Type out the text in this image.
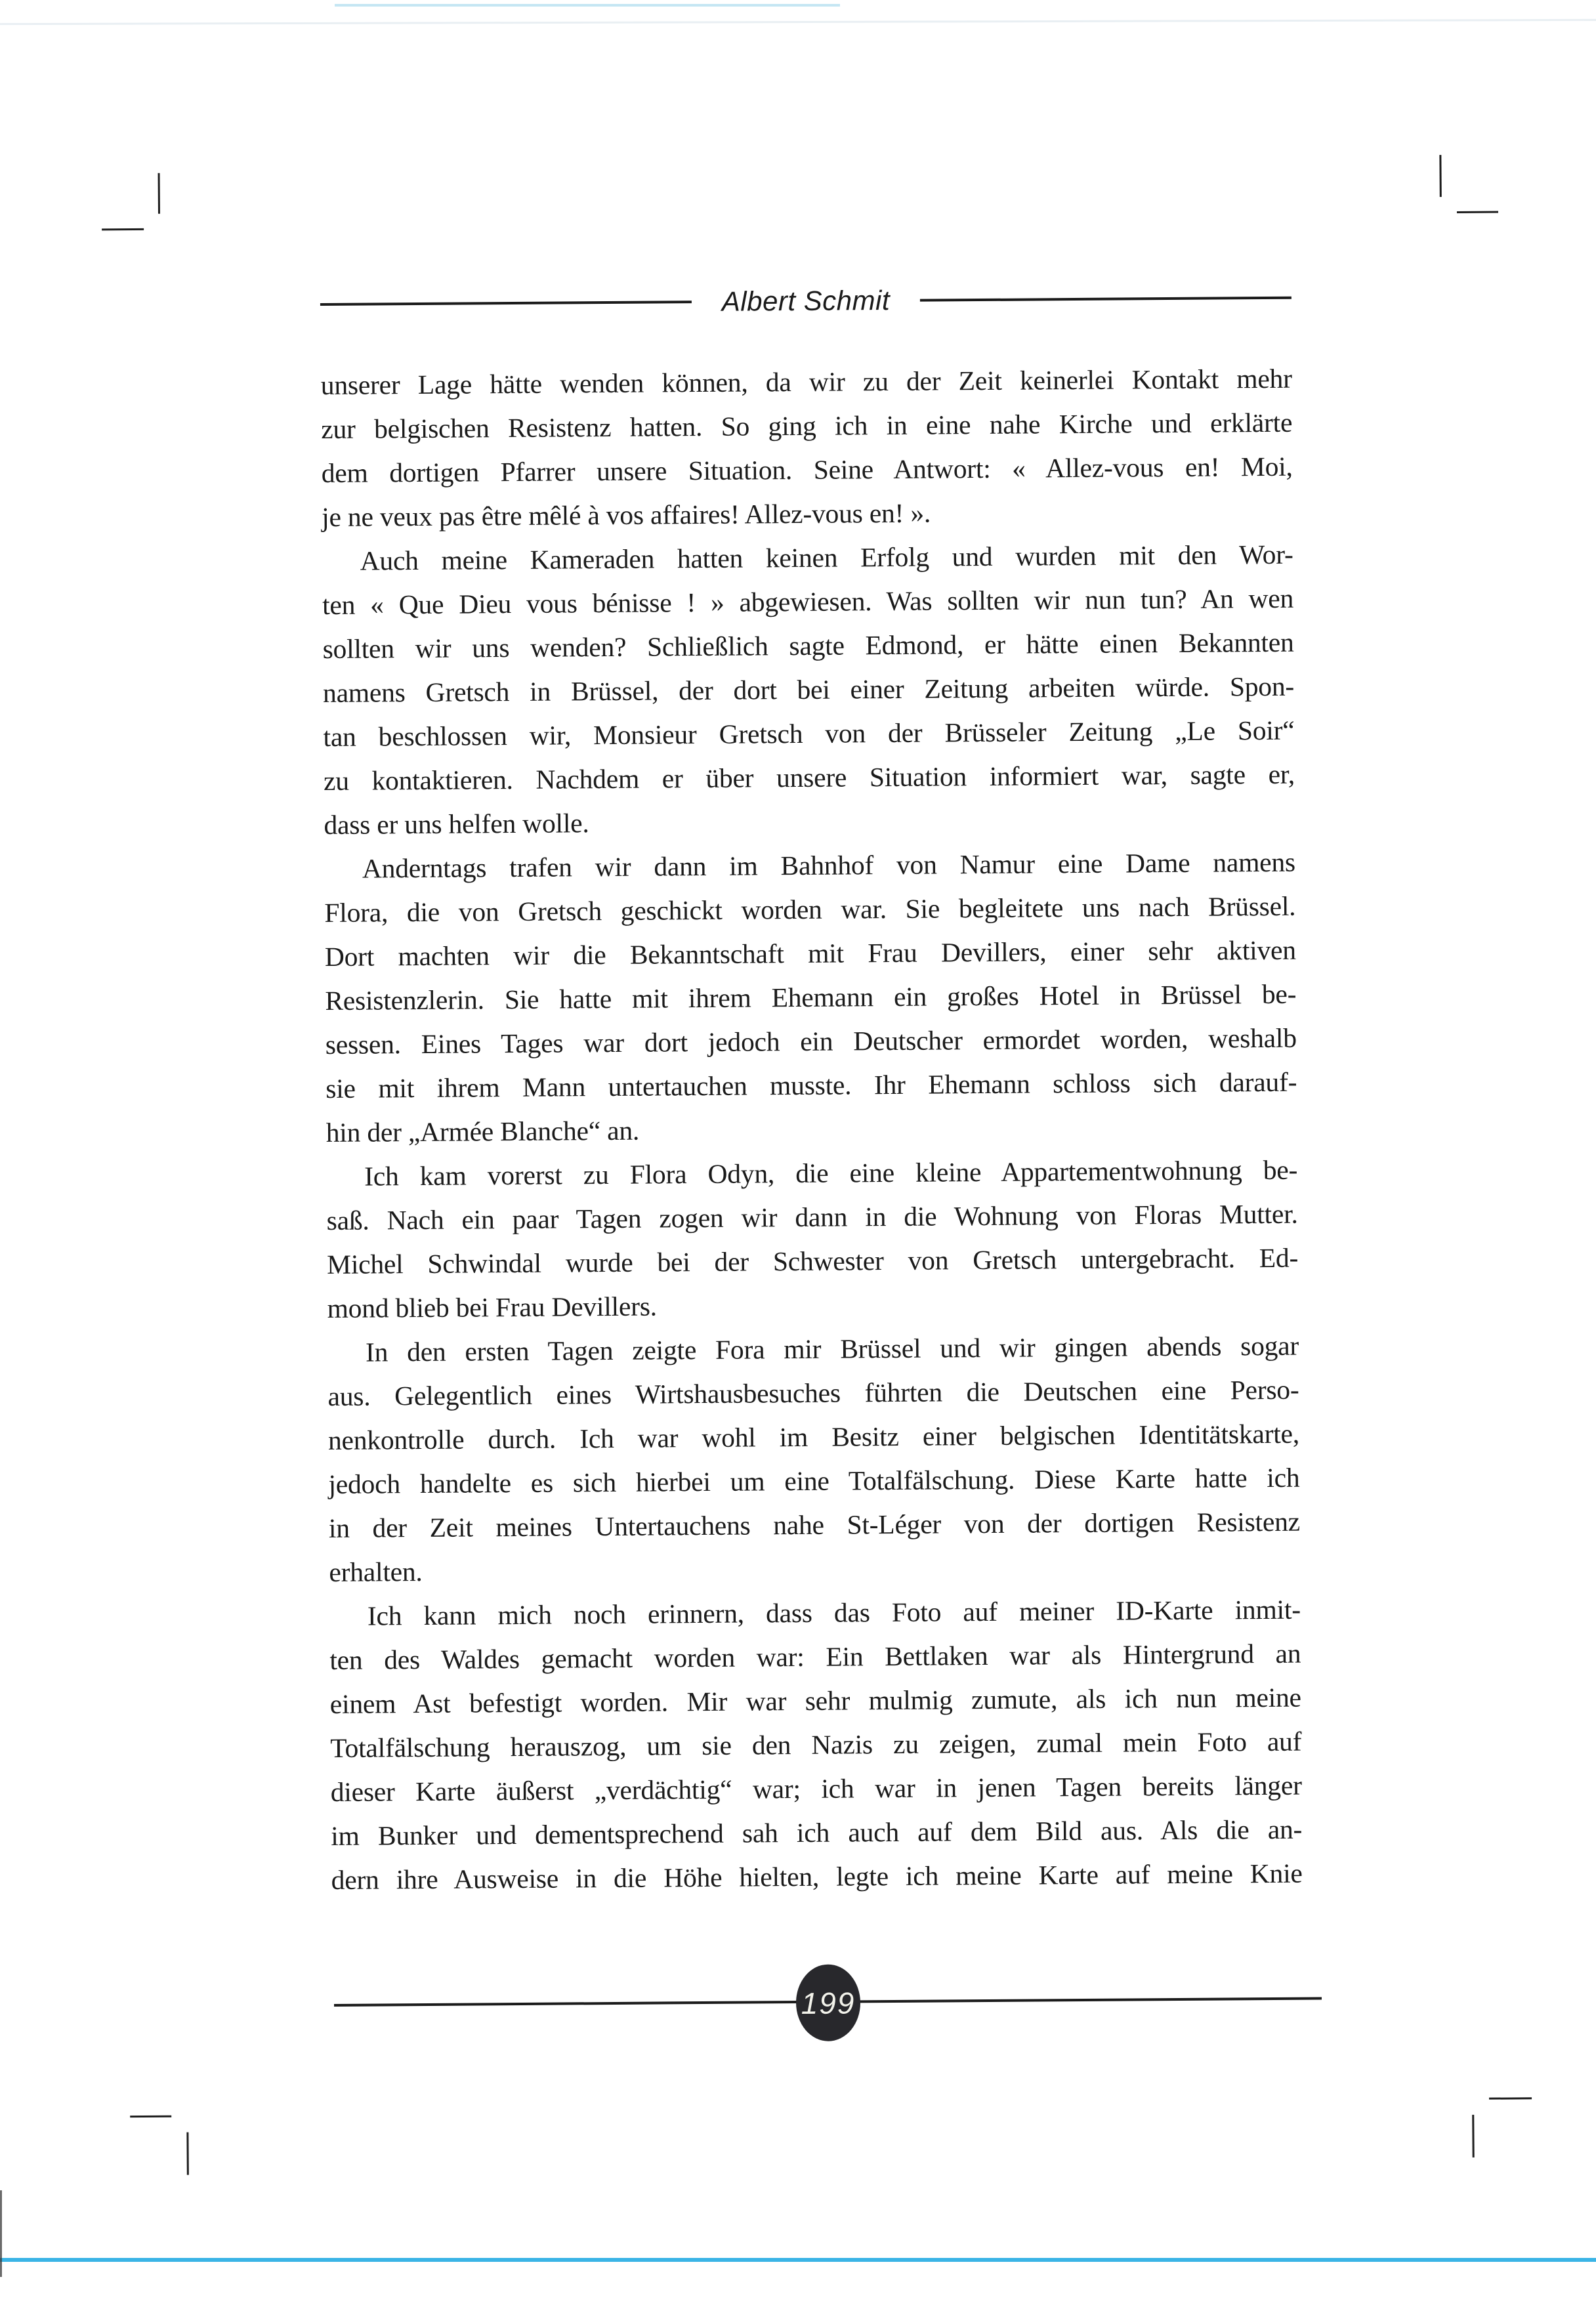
Albert Schmit
unserer Lage hätte wenden können, da wir zu der Zeit keinerlei Kontakt mehr
zur belgischen Resistenz hatten. So ging ich in eine nahe Kirche und erklärte
dem dortigen Pfarrer unsere Situation. Seine Antwort: « Allez-vous en! Moi,
je ne veux pas être mêlé à vos affaires! Allez-vous en! ».
Auch meine Kameraden hatten keinen Erfolg und wurden mit den Wor-
ten « Que Dieu vous bénisse ! » abgewiesen. Was sollten wir nun tun? An wen
sollten wir uns wenden? Schließlich sagte Edmond, er hätte einen Bekannten
namens Gretsch in Brüssel, der dort bei einer Zeitung arbeiten würde. Spon-
tan beschlossen wir, Monsieur Gretsch von der Brüsseler Zeitung „Le Soir“
zu kontaktieren. Nachdem er über unsere Situation informiert war, sagte er,
dass er uns helfen wolle.
Anderntags trafen wir dann im Bahnhof von Namur eine Dame namens
Flora, die von Gretsch geschickt worden war. Sie begleitete uns nach Brüssel.
Dort machten wir die Bekanntschaft mit Frau Devillers, einer sehr aktiven
Resistenzlerin. Sie hatte mit ihrem Ehemann ein großes Hotel in Brüssel be-
sessen. Eines Tages war dort jedoch ein Deutscher ermordet worden, weshalb
sie mit ihrem Mann untertauchen musste. Ihr Ehemann schloss sich darauf-
hin der „Armée Blanche“ an.
Ich kam vorerst zu Flora Odyn, die eine kleine Appartementwohnung be-
saß. Nach ein paar Tagen zogen wir dann in die Wohnung von Floras Mutter.
Michel Schwindal wurde bei der Schwester von Gretsch untergebracht. Ed-
mond blieb bei Frau Devillers.
In den ersten Tagen zeigte Fora mir Brüssel und wir gingen abends sogar
aus. Gelegentlich eines Wirtshausbesuches führten die Deutschen eine Perso-
nenkontrolle durch. Ich war wohl im Besitz einer belgischen Identitätskarte,
jedoch handelte es sich hierbei um eine Totalfälschung. Diese Karte hatte ich
in der Zeit meines Untertauchens nahe St-Léger von der dortigen Resistenz
erhalten.
Ich kann mich noch erinnern, dass das Foto auf meiner ID-Karte inmit-
ten des Waldes gemacht worden war: Ein Bettlaken war als Hintergrund an
einem Ast befestigt worden. Mir war sehr mulmig zumute, als ich nun meine
Totalfälschung herauszog, um sie den Nazis zu zeigen, zumal mein Foto auf
dieser Karte äußerst „verdächtig“ war; ich war in jenen Tagen bereits länger
im Bunker und dementsprechend sah ich auch auf dem Bild aus. Als die an-
dern ihre Ausweise in die Höhe hielten, legte ich meine Karte auf meine Knie
199
